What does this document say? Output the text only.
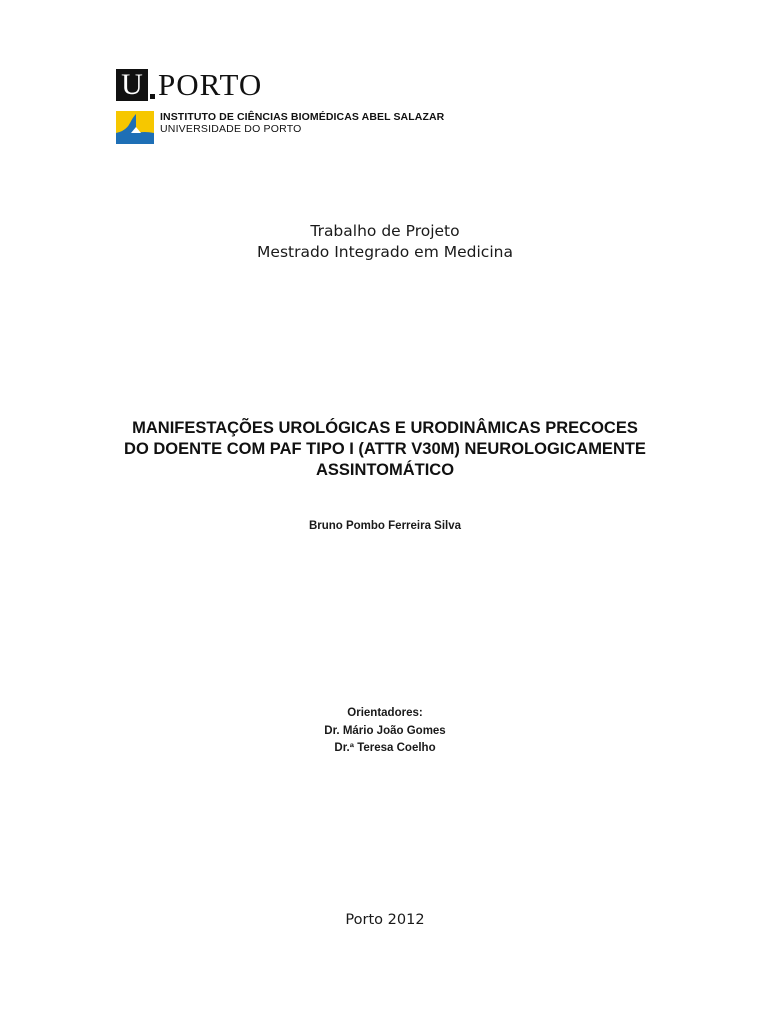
U PORTO
INSTITUTO DE CIÊNCIAS BIOMÉDICAS ABEL SALAZAR
UNIVERSIDADE DO PORTO
Trabalho de Projeto
Mestrado Integrado em Medicina
MANIFESTAÇÕES UROLÓGICAS E URODINÂMICAS PRECOCES
DO DOENTE COM PAF TIPO I (ATTR V30M) NEUROLOGICAMENTE
ASSINTOMÁTICO
Bruno Pombo Ferreira Silva
Orientadores:
Dr. Mário João Gomes
Dr.ª Teresa Coelho
Porto 2012
